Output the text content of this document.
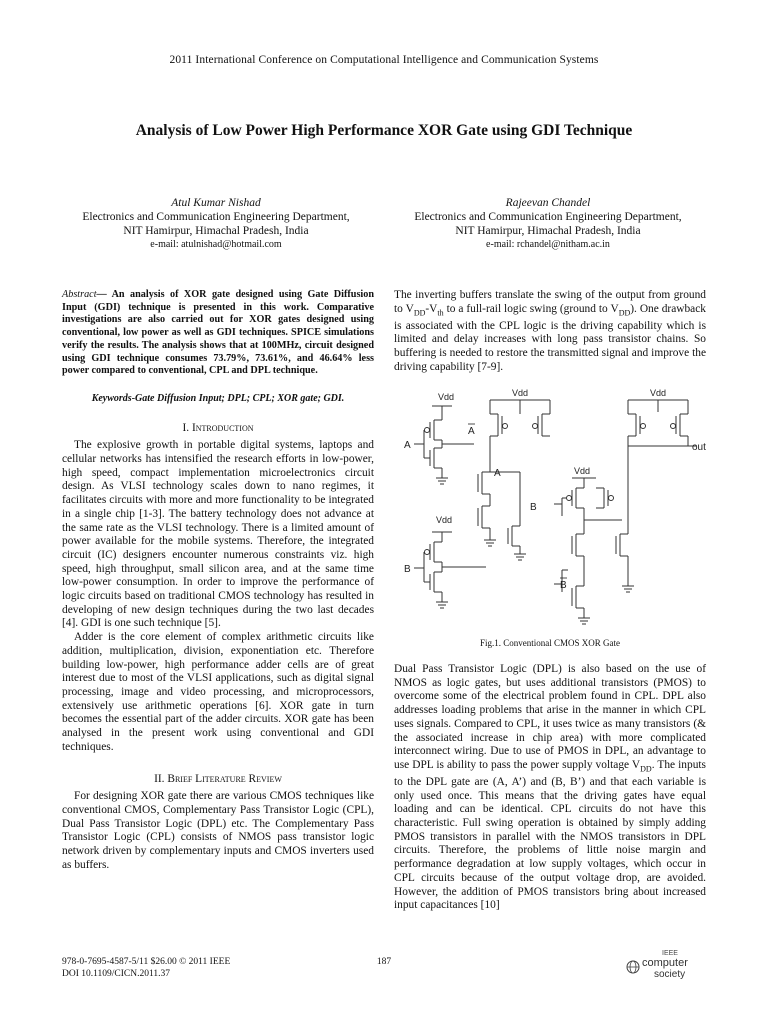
2011 International Conference on Computational Intelligence and Communication Systems
Analysis of Low Power High Performance XOR Gate using GDI Technique
Atul Kumar Nishad
Electronics and Communication Engineering Department,
NIT Hamirpur, Himachal Pradesh, India
e-mail: atulnishad@hotmail.com
Rajeevan Chandel
Electronics and Communication Engineering Department,
NIT Hamirpur, Himachal Pradesh, India
e-mail: rchandel@nitham.ac.in
Abstract— An analysis of XOR gate designed using Gate Diffusion Input (GDI) technique is presented in this work. Comparative investigations are also carried out for XOR gates designed using conventional, low power as well as GDI techniques. SPICE simulations verify the results. The analysis shows that at 100MHz, circuit designed using GDI technique consumes 73.79%, 73.61%, and 46.64% less power compared to conventional, CPL and DPL technique.
Keywords-Gate Diffusion Input; DPL; CPL; XOR gate; GDI.
I. Introduction

The explosive growth in portable digital systems, laptops and cellular networks has intensified the research efforts in low-power, high speed, compact implementation microelectronics circuit design. As VLSI technology scales down to nano regimes, it facilitates circuits with more and more functionality to be integrated in a single chip [1-3]. The battery technology does not advance at the same rate as the VLSI technology. There is a limited amount of power available for the mobile systems. Therefore, the integrated circuit (IC) designers encounter numerous constraints viz. high speed, high throughput, small silicon area, and at the same time low-power consumption. In order to improve the performance of logic circuits based on traditional CMOS technology has resulted in developing of new design techniques during the two last decades [4]. GDI is one such technique [5].

Adder is the core element of complex arithmetic circuits like addition, multiplication, division, exponentiation etc. Therefore building low-power, high performance adder cells are of great interest due to most of the VLSI applications, such as digital signal processing, image and video processing, and microprocessors, extensively use arithmetic operations [6]. XOR gate in turn becomes the essential part of the adder circuits. XOR gate has been analysed in the present work using conventional and GDI techniques.

II. Brief Literature Review

For designing XOR gate there are various CMOS techniques like conventional CMOS, Complementary Pass Transistor Logic (CPL), Dual Pass Transistor Logic (DPL) etc. The Complementary Pass Transistor Logic (CPL) consists of NMOS pass transistor logic network driven by complementary inputs and CMOS inverters used as buffers.

The inverting buffers translate the swing of the output from ground to $V_{DD}-V_{th}$ to a full-rail logic swing (ground to $V_{DD}$). One drawback is associated with the CPL logic is the driving capability which is limited and delay increases with long pass transistor chains. So buffering is needed to restore the transmitted signal and improve the driving capability [7-9].

Vdd
Vdd
Vdd
Vdd
Vdd
A
B
A
A
B
B
out
Fig.1. Conventional CMOS XOR Gate

Dual Pass Transistor Logic (DPL) is also based on the use of NMOS as logic gates, but uses additional transistors (PMOS) to overcome some of the electrical problem found in CPL. DPL also addresses loading problems that arise in the manner in which CPL uses signals. Compared to CPL, it uses twice as many transistors (& the associated increase in chip area) with more complicated interconnect wiring. Due to use of PMOS in DPL, an advantage to use DPL is ability to pass the power supply voltage $V_{DD}$. The inputs to the DPL gate are (A, A’) and (B, B’) and that each variable is only used once. This means that the driving gates have equal loading and can be identical. CPL circuits do not have this characteristic. Full swing operation is obtained by simply adding PMOS transistors in parallel with the NMOS transistors in DPL circuits. Therefore, the problems of little noise margin and performance degradation at low supply voltages, which occur in CPL circuits because of the output voltage drop, are avoided. However, the addition of PMOS transistors bring about increased input capacitances [10]

978-0-7695-4587-5/11 $26.00 © 2011 IEEE
DOI 10.1109/CICN.2011.37
187
IEEE
computer
society
